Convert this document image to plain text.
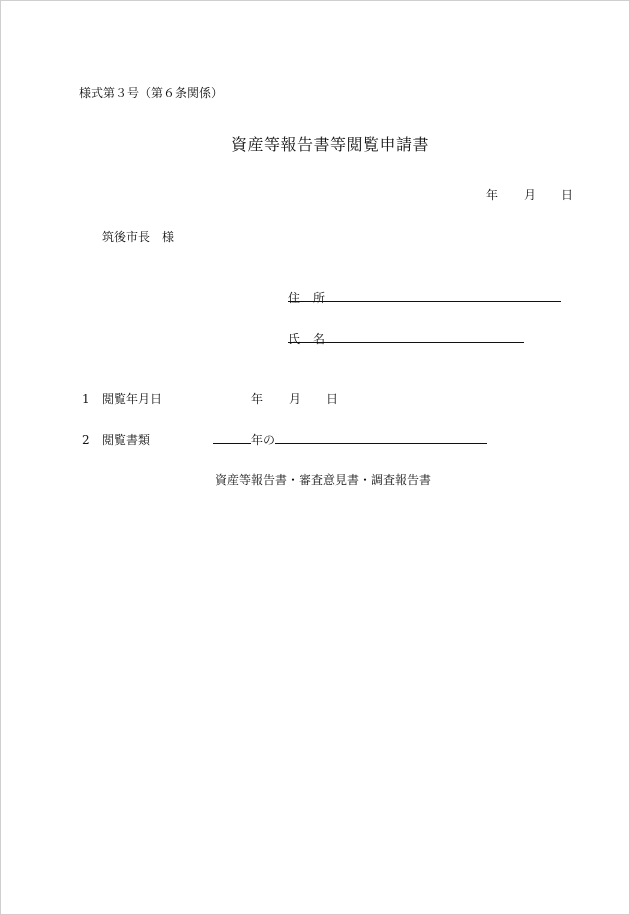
様式第３号（第６条関係）
資産等報告書等閲覧申請書
年 月 日
筑後市長 様
住 所
氏 名
1 閲覧年月日	年 月 日
2 閲覧書類	年の
資産等報告書・審査意見書・調査報告書
